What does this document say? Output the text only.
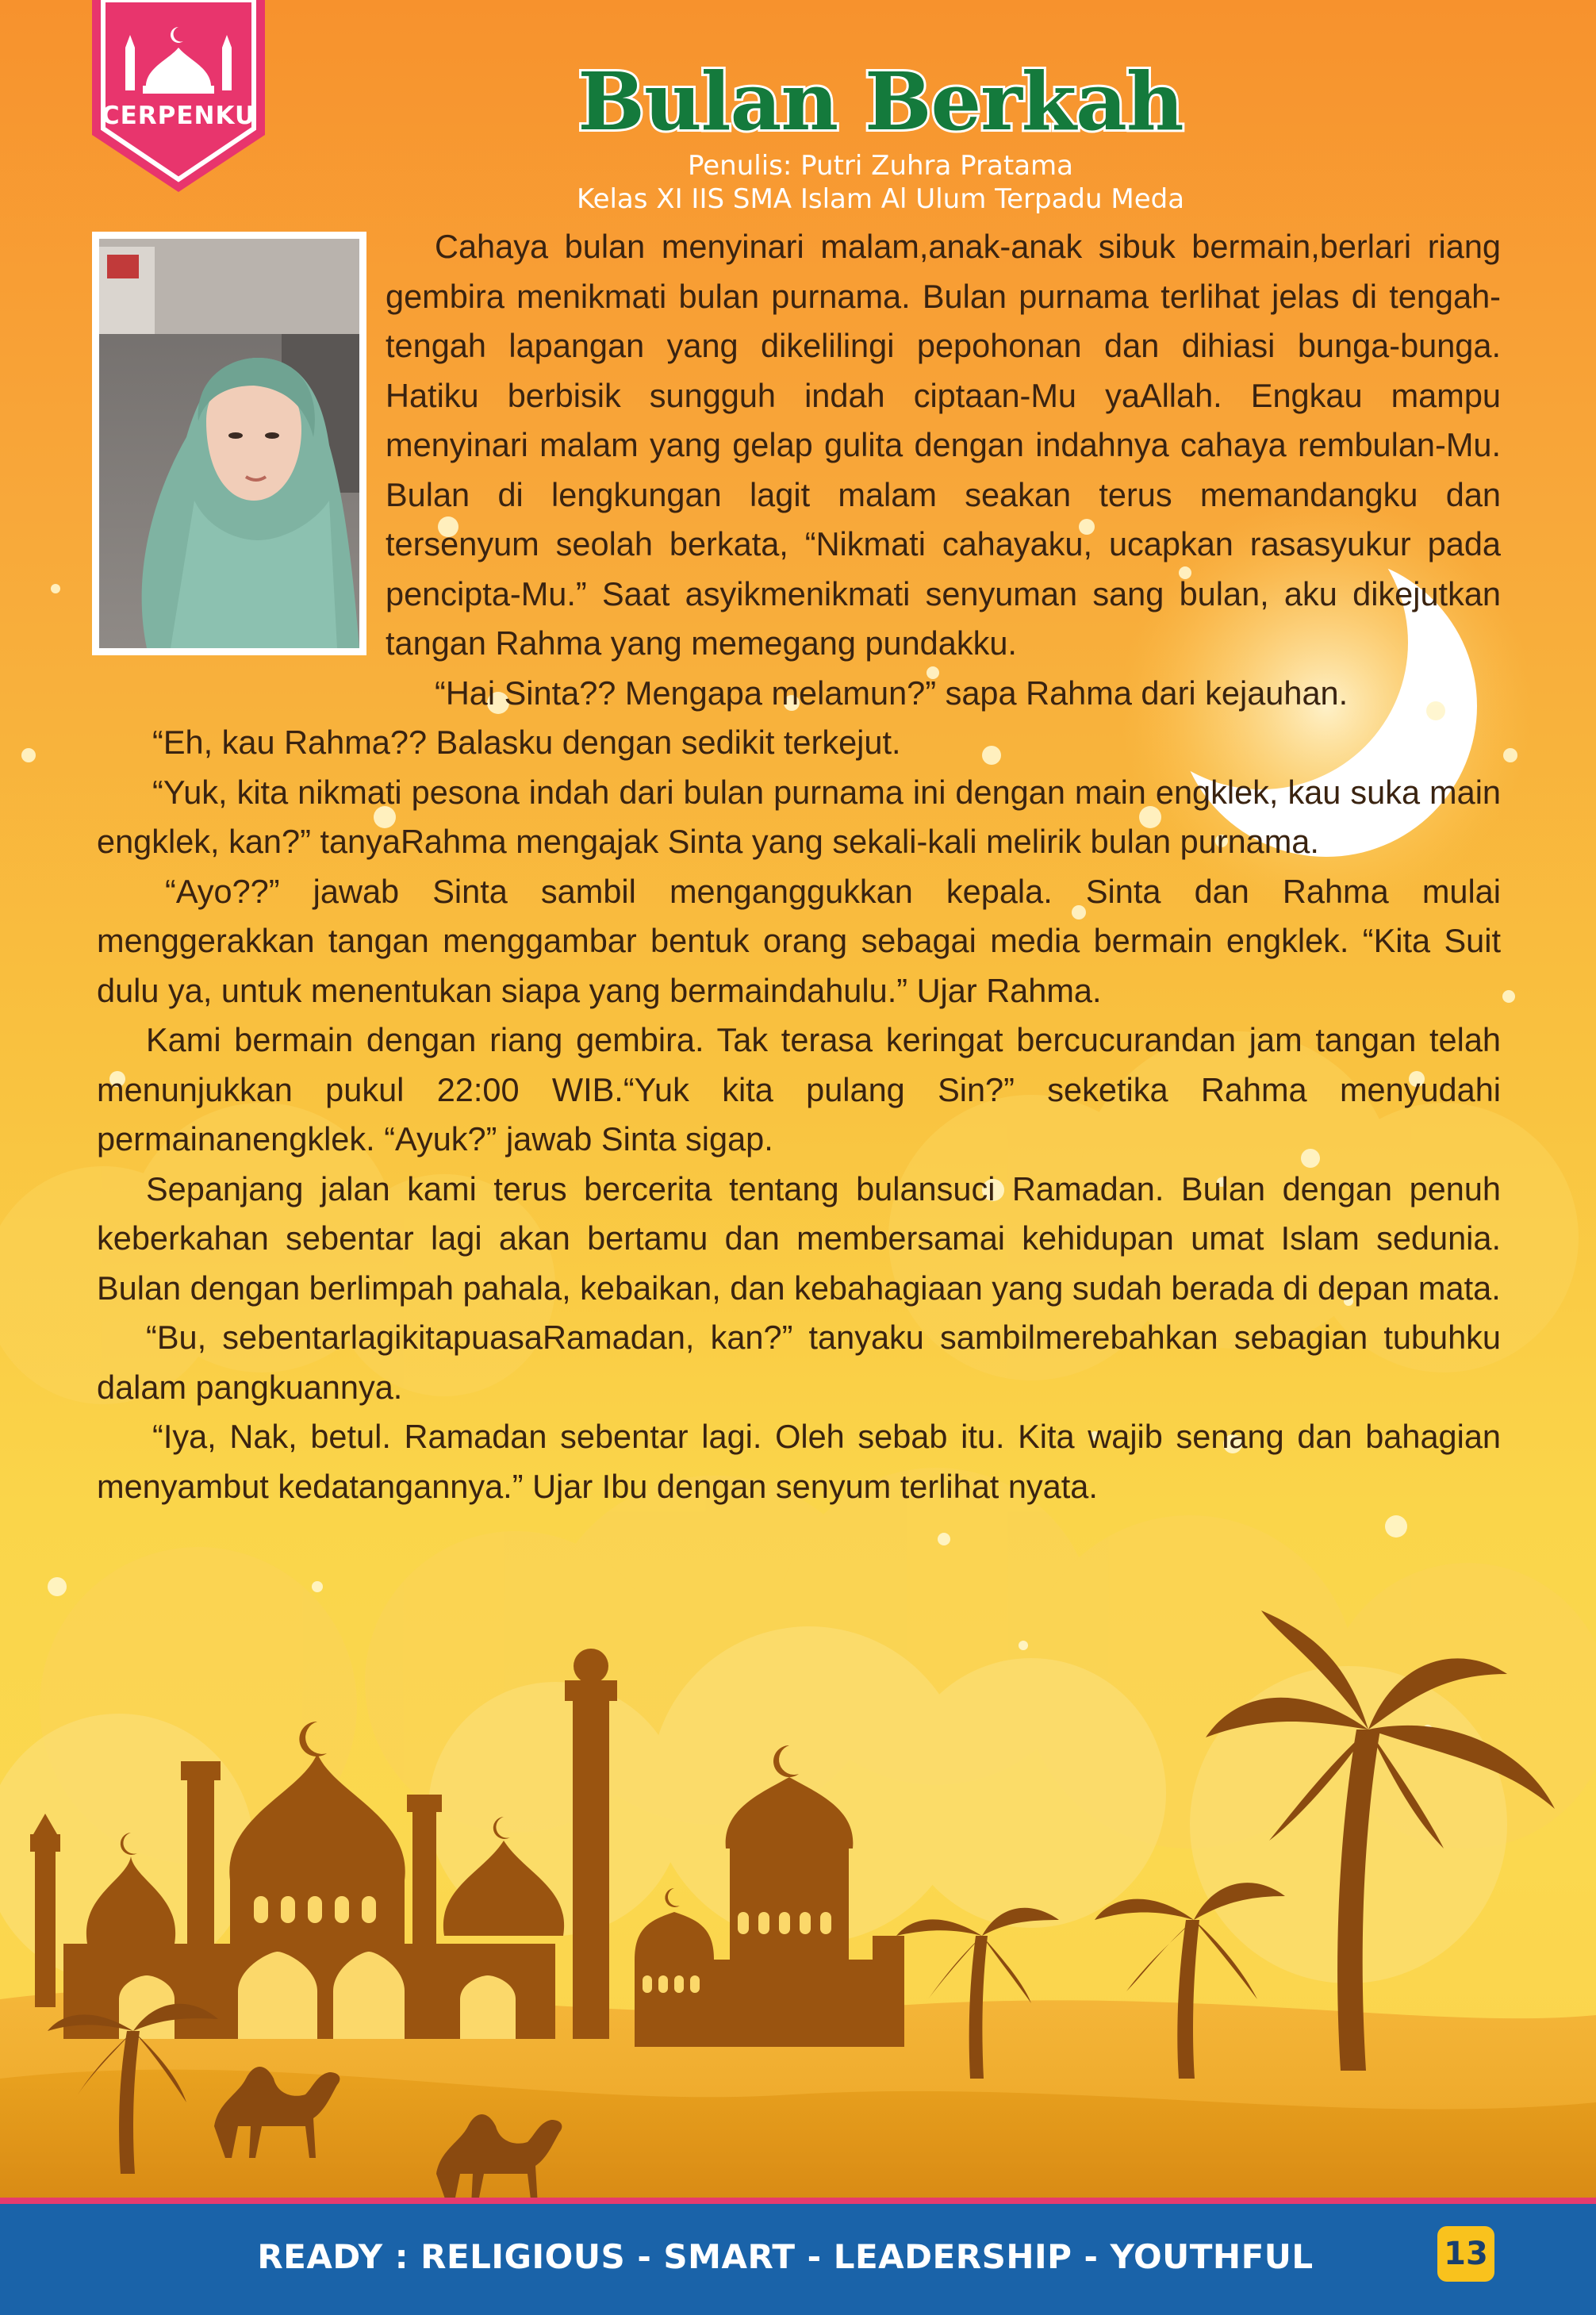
CERPENKU	Bulan Berkah
Penulis: Putri Zuhra Pratama
Kelas XI IIS SMA Islam Al Ulum Terpadu Meda

Cahaya bulan menyinari malam,anak-anak sibuk bermain,berlari riang gembira menikmati bulan purnama. Bulan purnama terlihat jelas di tengah-tengah lapangan yang dikelilingi pepohonan dan dihiasi bunga-bunga. Hatiku berbisik sungguh indah ciptaan-Mu yaAllah. Engkau mampu menyinari malam yang gelap gulita dengan indahnya cahaya rembulan-Mu. Bulan di lengkungan lagit malam seakan terus memandangku dan tersenyum seolah berkata, “Nikmati cahayaku, ucapkan rasasyukur pada pencipta-Mu.” Saat asyikmenikmati senyuman sang bulan, aku dikejutkan tangan Rahma yang memegang pundakku.

“Hai Sinta?? Mengapa melamun?” sapa Rahma dari kejauhan.

“Eh, kau Rahma?? Balasku dengan sedikit terkejut.

“Yuk, kita nikmati pesona indah dari bulan purnama ini dengan main engklek, kau suka main engklek, kan?” tanyaRahma mengajak Sinta yang sekali-kali melirik bulan purnama.

“Ayo??” jawab Sinta sambil menganggukkan kepala. Sinta dan Rahma mulai menggerakkan tangan menggambar bentuk orang sebagai media bermain engklek. “Kita Suit dulu ya, untuk menentukan siapa yang bermaindahulu.” Ujar Rahma.

Kami bermain dengan riang gembira. Tak terasa keringat bercucurandan jam tangan telah menunjukkan pukul 22:00 WIB.“Yuk kita pulang Sin?” seketika Rahma menyudahi permainanengklek. “Ayuk?” jawab Sinta sigap.

Sepanjang jalan kami terus bercerita tentang bulansuci Ramadan. Bulan dengan penuh keberkahan sebentar lagi akan bertamu dan membersamai kehidupan umat Islam sedunia. Bulan dengan berlimpah pahala, kebaikan, dan kebahagiaan yang sudah berada di depan mata.

“Bu, sebentarlagikitapuasaRamadan, kan?” tanyaku sambilmerebahkan sebagian tubuhku dalam pangkuannya.

“Iya, Nak, betul. Ramadan sebentar lagi. Oleh sebab itu. Kita wajib senang dan bahagian menyambut kedatangannya.” Ujar Ibu dengan senyum terlihat nyata.

READY : RELIGIOUS - SMART - LEADERSHIP - YOUTHFUL	13
